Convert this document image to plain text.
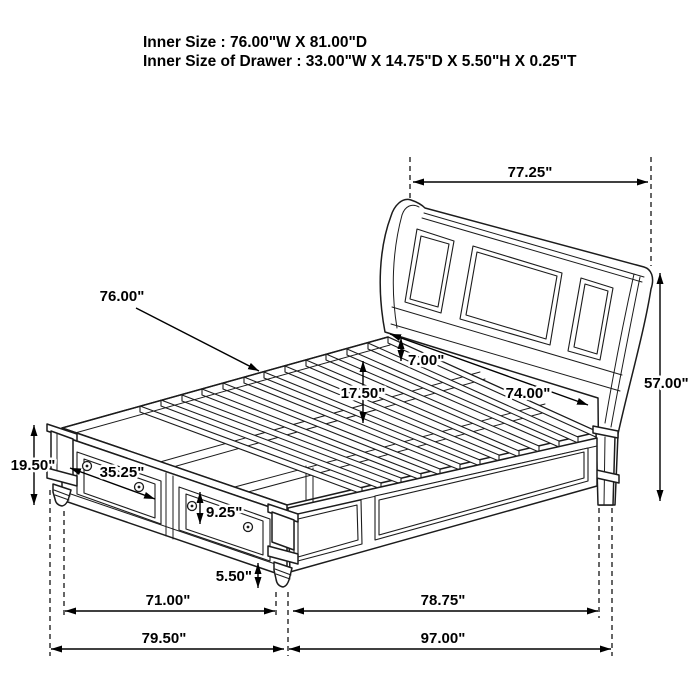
Inner Size : 76.00"W X 81.00"D
Inner Size of Drawer : 33.00"W X 14.75"D X 5.50"H X 0.25"T
77.25"
76.00"
7.00"
17.50"	74.00"
57.00"
19.50"	35.25"
9.25"
5.50"
71.00"	78.75"
79.50"	97.00"
